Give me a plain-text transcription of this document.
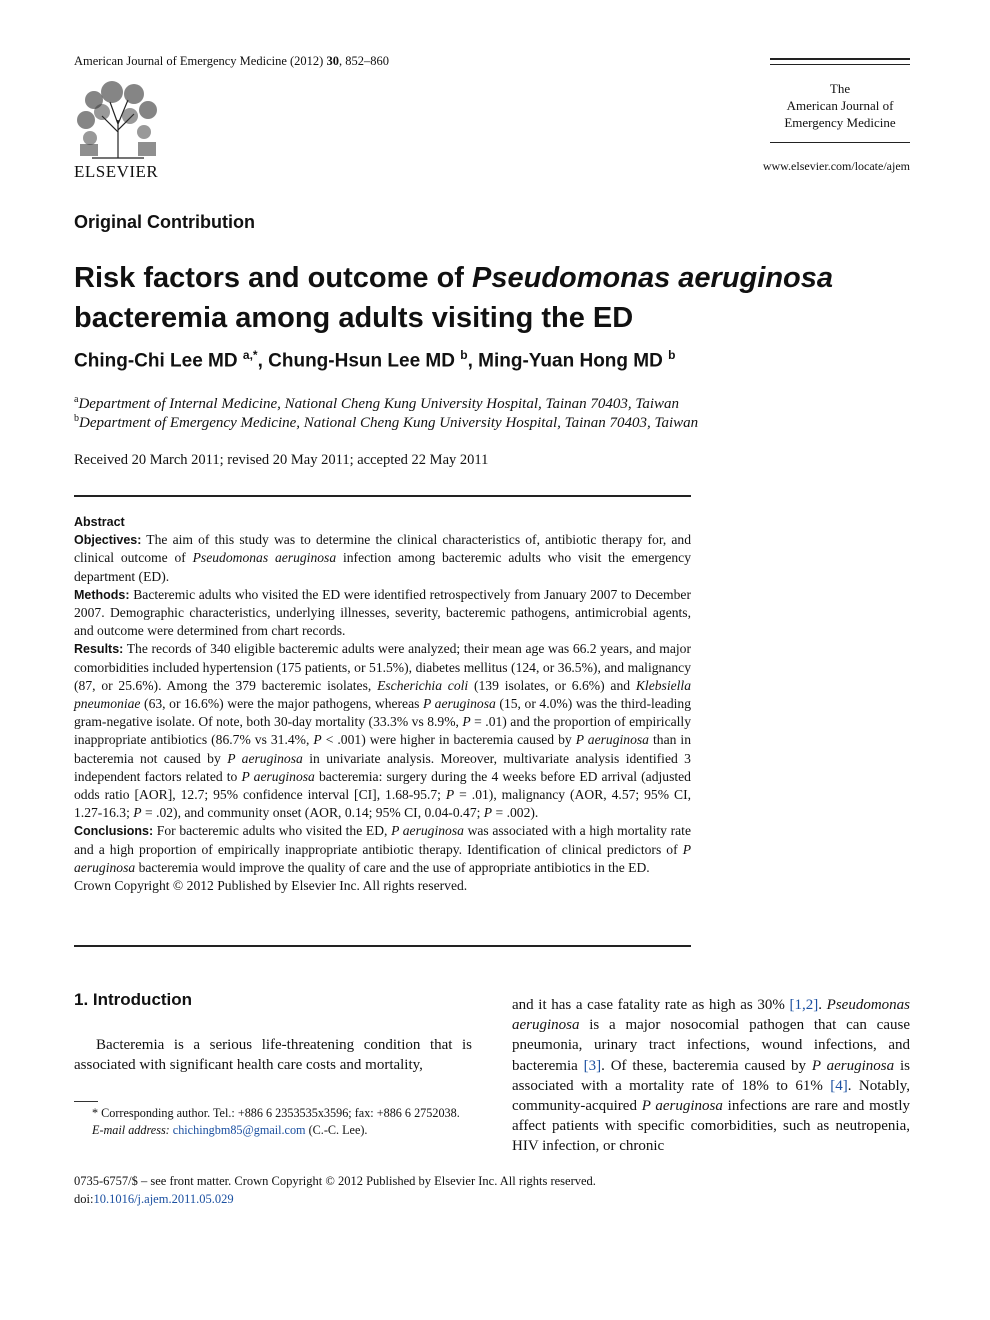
American Journal of Emergency Medicine (2012) 30, 852–860
ELSEVIER
The
American Journal of
Emergency Medicine
www.elsevier.com/locate/ajem
Original Contribution
Risk factors and outcome of Pseudomonas aeruginosa
bacteremia among adults visiting the ED
Ching-Chi Lee MD $^{a,*}$, Chung-Hsun Lee MD $^b$, Ming-Yuan Hong MD $^b$
$^a$Department of Internal Medicine, National Cheng Kung University Hospital, Tainan 70403, Taiwan
$^b$Department of Emergency Medicine, National Cheng Kung University Hospital, Tainan 70403, Taiwan
Received 20 March 2011; revised 20 May 2011; accepted 22 May 2011

Abstract

Objectives: The aim of this study was to determine the clinical characteristics of, antibiotic therapy for, and clinical outcome of Pseudomonas aeruginosa infection among bacteremic adults who visit the emergency department (ED).

Methods: Bacteremic adults who visited the ED were identified retrospectively from January 2007 to December 2007. Demographic characteristics, underlying illnesses, severity, bacteremic pathogens, antimicrobial agents, and outcome were determined from chart records.

Results: The records of 340 eligible bacteremic adults were analyzed; their mean age was 66.2 years, and major comorbidities included hypertension (175 patients, or 51.5%), diabetes mellitus (124, or 36.5%), and malignancy (87, or 25.6%). Among the 379 bacteremic isolates, Escherichia coli (139 isolates, or 6.6%) and Klebsiella pneumoniae (63, or 16.6%) were the major pathogens, whereas P aeruginosa (15, or 4.0%) was the third-leading gram-negative isolate. Of note, both 30-day mortality (33.3% vs 8.9%, P = .01) and the proportion of empirically inappropriate antibiotics (86.7% vs 31.4%, P < .001) were higher in bacteremia caused by P aeruginosa than in bacteremia not caused by P aeruginosa in univariate analysis. Moreover, multivariate analysis identified 3 independent factors related to P aeruginosa bacteremia: surgery during the 4 weeks before ED arrival (adjusted odds ratio [AOR], 12.7; 95% confidence interval [CI], 1.68-95.7; P = .01), malignancy (AOR, 4.57; 95% CI, 1.27-16.3; P = .02), and community onset (AOR, 0.14; 95% CI, 0.04-0.47; P = .002).

Conclusions: For bacteremic adults who visited the ED, P aeruginosa was associated with a high mortality rate and a high proportion of empirically inappropriate antibiotic therapy. Identification of clinical predictors of P aeruginosa bacteremia would improve the quality of care and the use of appropriate antibiotics in the ED.

Crown Copyright © 2012 Published by Elsevier Inc. All rights reserved.

1. Introduction

Bacteremia is a serious life-threatening condition that is associated with significant health care costs and mortality,

and it has a case fatality rate as high as 30% [1,2]. Pseudomonas aeruginosa is a major nosocomial pathogen that can cause pneumonia, urinary tract infections, wound infections, and bacteremia [3]. Of these, bacteremia caused by P aeruginosa is associated with a mortality rate of 18% to 61% [4]. Notably, community-acquired P aeruginosa infections are rare and mostly affect patients with specific comorbidities, such as neutropenia, HIV infection, or chronic

* Corresponding author. Tel.: +886 6 2353535x3596; fax: +886 6 2752038.

E-mail address: chichingbm85@gmail.com (C.-C. Lee).

0735-6757/$ – see front matter. Crown Copyright © 2012 Published by Elsevier Inc. All rights reserved.

doi:10.1016/j.ajem.2011.05.029
